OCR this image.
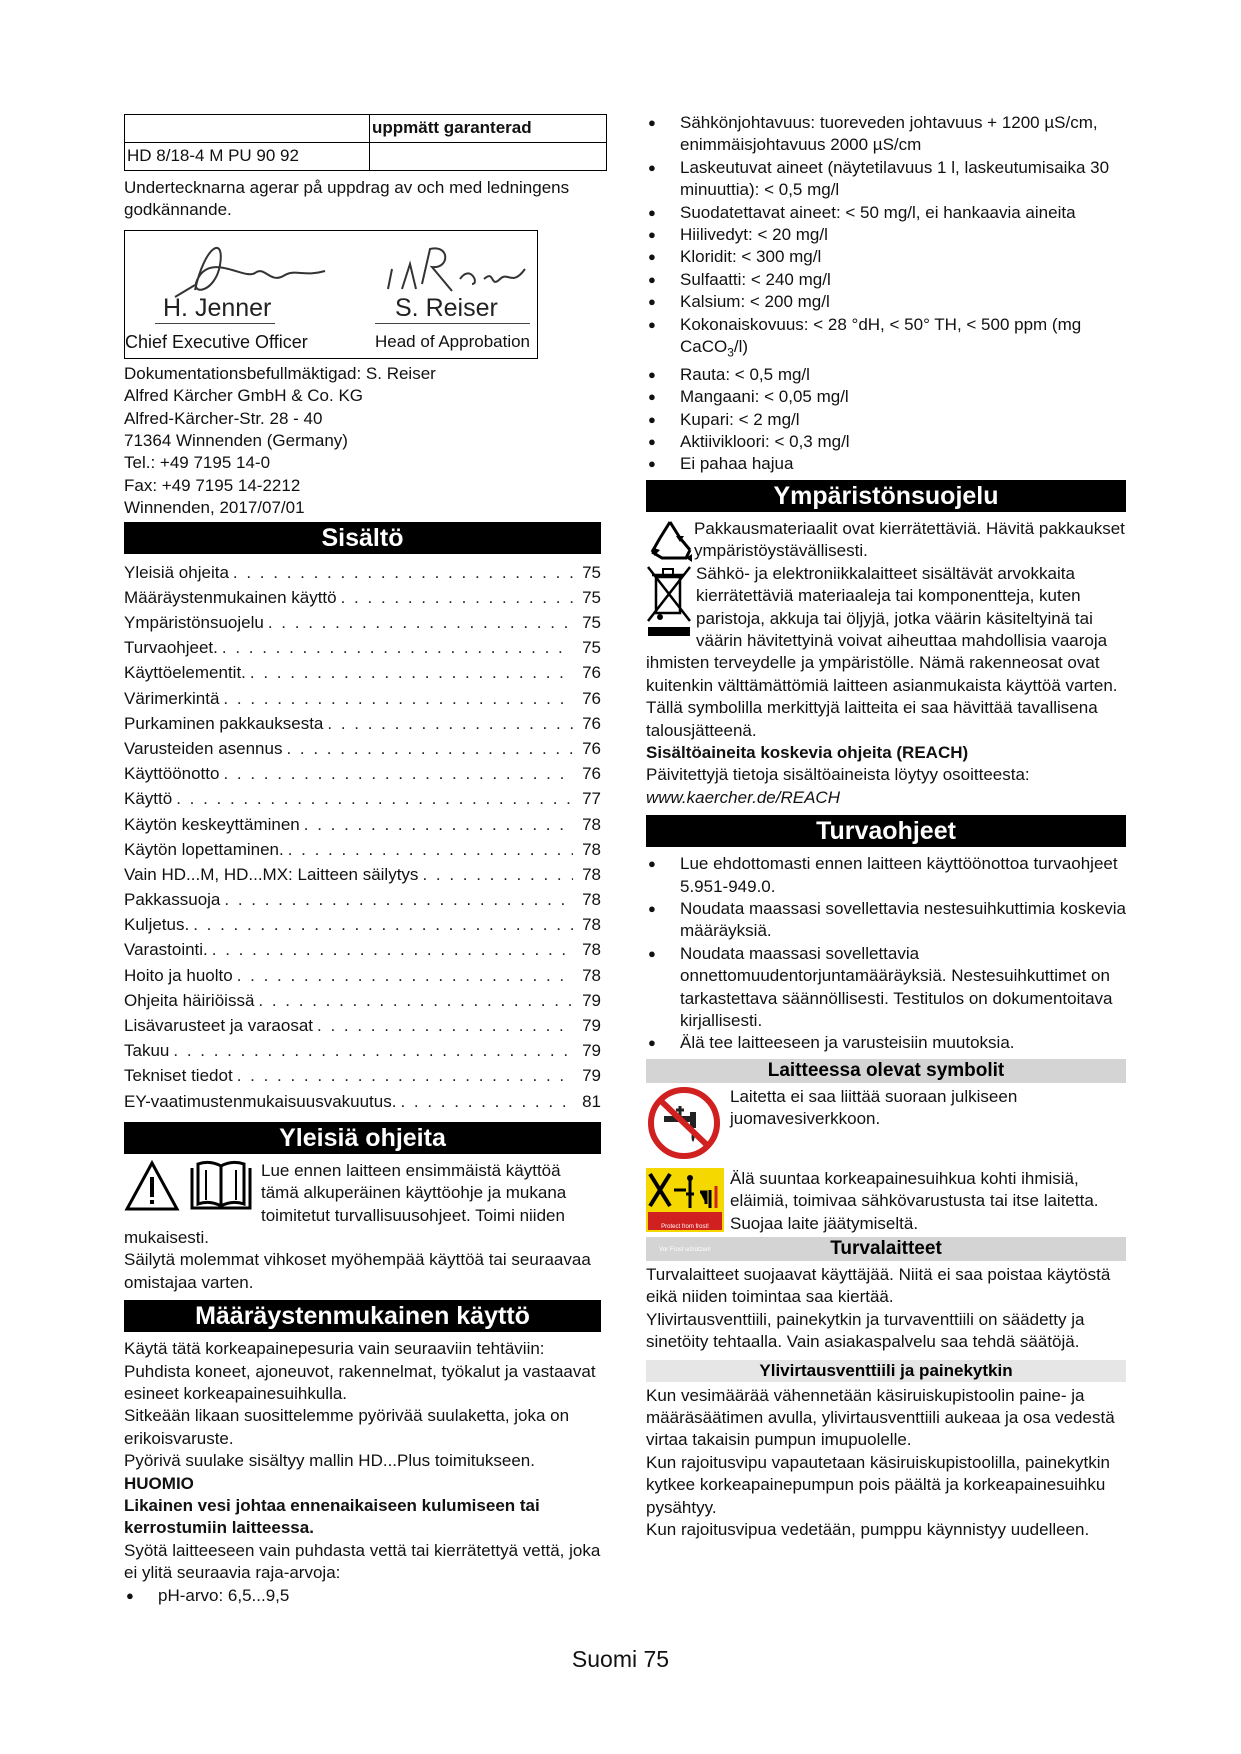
	uppmätt garanterad
HD 8/18-4 M PU 90 92	

Undertecknarna agerar på uppdrag av och med ledningens godkännande.

H. Jenner	S. Reiser
Chief Executive Officer	Head of Approbation

Dokumentationsbefullmäktigad: S. Reiser

Alfred Kärcher GmbH & Co. KG

Alfred-Kärcher-Str. 28 - 40

71364 Winnenden (Germany)

Tel.: +49 7195 14-0

Fax: +49 7195 14-2212

Winnenden, 2017/07/01

Sisältö
Yleisiä ohjeita . . .	75
Määräystenmukainen käyttö . . .	75
Ympäristönsuojelu . . .	75
Turvaohjeet. . . .	75
Käyttöelementit. . . .	76
Värimerkintä . . .	76
Purkaminen pakkauksesta . . .	76
Varusteiden asennus . . .	76
Käyttöönotto . . .	76
Käyttö . . .	77
Käytön keskeyttäminen . . .	78
Käytön lopettaminen. . . .	78
Vain HD...M, HD...MX: Laitteen säilytys . . .	78
Pakkassuoja . . .	78
Kuljetus. . . .	78
Varastointi. . . .	78
Hoito ja huolto . . .	78
Ohjeita häiriöissä . . .	79
Lisävarusteet ja varaosat . . .	79
Takuu . . .	79
Tekniset tiedot . . .	79
EY-vaatimustenmukaisuusvakuutus. . . .	81
Yleisiä ohjeita

Lue ennen laitteen ensimmäistä käyttöä tämä alkuperäinen käyttöohje ja mukana toimitetut turvallisuusohjeet. Toimi niiden mukaisesti.

Säilytä molemmat vihkoset myöhempää käyttöä tai seuraavaa omistajaa varten.

Määräystenmukainen käyttö

Käytä tätä korkeapainepesuria vain seuraaviin tehtäviin:

Puhdista koneet, ajoneuvot, rakennelmat, työkalut ja vastaavat esineet korkeapainesuihkulla.

Sitkeään likaan suosittelemme pyörivää suulaketta, joka on erikoisvaruste.

Pyörivä suulake sisältyy mallin HD...Plus toimitukseen.

HUOMIO

Likainen vesi johtaa ennenaikaiseen kulumiseen tai kerrostumiin laitteessa.

Syötä laitteeseen vain puhdasta vettä tai kierrätettyä vettä, joka ei ylitä seuraavia raja-arvoja:

● pH-arvo: 6,5...9,5

● Sähkönjohtavuus: tuoreveden johtavuus + 1200 µS/cm, enimmäisjohtavuus 2000 µS/cm

● Laskeutuvat aineet (näytetilavuus 1 l, laskeutumisaika 30 minuuttia): < 0,5 mg/l

● Suodatettavat aineet: < 50 mg/l, ei hankaavia aineita

● Hiilivedyt: < 20 mg/l

● Kloridit: < 300 mg/l

● Sulfaatti: < 240 mg/l

● Kalsium: < 200 mg/l

● Kokonaiskovuus: < 28 °dH, < 50° TH, < 500 ppm (mg CaCO$_3$/l)

● Rauta: < 0,5 mg/l

● Mangaani: < 0,05 mg/l

● Kupari: < 2 mg/l

● Aktiivikloori: < 0,3 mg/l

● Ei pahaa hajua

Ympäristönsuojelu

Pakkausmateriaalit ovat kierrätettäviä. Hävitä pakkaukset ympäristöystävällisesti.

Sähkö- ja elektroniikkalaitteet sisältävät arvokkaita kierrätettäviä materiaaleja tai komponentteja, kuten paristoja, akkuja tai öljyjä, jotka väärin käsiteltyinä tai väärin hävitettyinä voivat aiheuttaa mahdollisia vaaroja ihmisten terveydelle ja ympäristölle. Nämä rakenneosat ovat kuitenkin välttämättömiä laitteen asianmukaista käyttöä varten. Tällä symbolilla merkittyjä laitteita ei saa hävittää tavallisena talousjätteenä.

Sisältöaineita koskevia ohjeita (REACH)

Päivitettyjä tietoja sisältöaineista löytyy osoitteesta:

www.kaercher.de/REACH

Turvaohjeet

● Lue ehdottomasti ennen laitteen käyttöönottoa turvaohjeet 5.951-949.0.

● Noudata maassasi sovellettavia nestesuihkuttimia koskevia määräyksiä.

● Noudata maassasi sovellettavia onnettomuudentorjuntamääräyksiä. Nestesuihkuttimet on tarkastettava säännöllisesti. Testitulos on dokumentoitava kirjallisesti.

● Älä tee laitteeseen ja varusteisiin muutoksia.

Laitteessa olevat symbolit

Laitetta ei saa liittää suoraan julkiseen juomavesiverkkoon.

Protect from frost!
Vor Frost schützen!

Älä suuntaa korkeapainesuihkua kohti ihmisiä, eläimiä, toimivaa sähkövarustusta tai itse laitetta. Suojaa laite jäätymiseltä.

Turvalaitteet

Turvalaitteet suojaavat käyttäjää. Niitä ei saa poistaa käytöstä eikä niiden toimintaa saa kiertää.

Ylivirtausventtiili, painekytkin ja turvaventtiili on säädetty ja sinetöity tehtaalla. Vain asiakaspalvelu saa tehdä säätöjä.

Ylivirtausventtiili ja painekytkin

Kun vesimäärää vähennetään käsiruiskupistoolin paine- ja määräsäätimen avulla, ylivirtausventtiili aukeaa ja osa vedestä virtaa takaisin pumpun imupuolelle.

Kun rajoitusvipu vapautetaan käsiruiskupistoolilla, painekytkin kytkee korkeapainepumpun pois päältä ja korkeapainesuihku pysähtyy.

Kun rajoitusvipua vedetään, pumppu käynnistyy uudelleen.

Suomi 75
